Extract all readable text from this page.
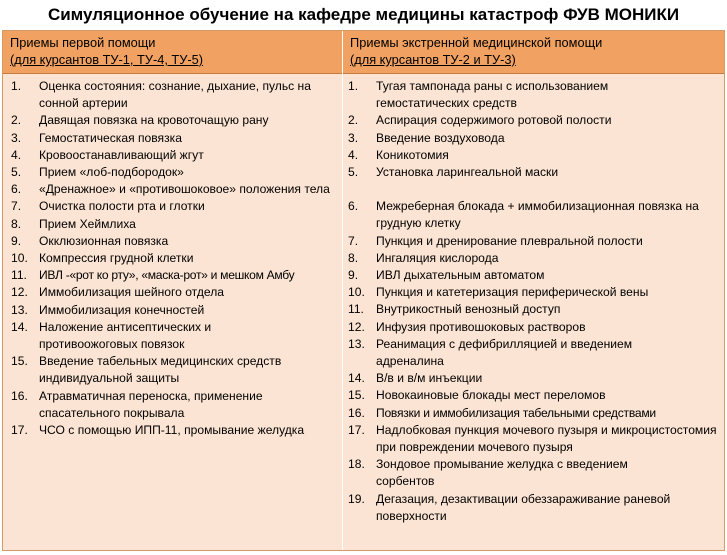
Симуляционное обучение на кафедре медицины катастроф ФУВ МОНИКИ
Приемы первой помощи
(для курсантов ТУ-1, ТУ-4, ТУ-5)
Приемы экстренной медицинской помощи
(для курсантов ТУ-2 и ТУ-3)
1. Оценка состояния: сознание, дыхание, пульс на сонной артерии
2. Давящая повязка на кровоточащую рану
3. Гемостатическая повязка
4. Кровоостанавливающий жгут
5. Прием «лоб-подбородок»
6. «Дренажное» и «противошоковое» положения тела
7. Очистка полости рта и глотки
8. Прием Хеймлиха
9. Окклюзионная повязка
10. Компрессия грудной клетки
11. ИВЛ -«рот ко рту», «маска-рот» и мешком Амбу
12. Иммобилизация шейного отдела
13. Иммобилизация конечностей
14. Наложение антисептических и противоожоговых повязок
15. Введение табельных медицинских средств индивидуальной защиты
16. Атравматичная переноска, применение спасательного покрывала
17. ЧСО с помощью ИПП-11, промывание желудка
1. Тугая тампонада раны с использованием гемостатических средств
2. Аспирация содержимого ротовой полости
3. Введение воздуховода
4. Коникотомия
5. Установка ларингеальной маски
6. Межреберная блокада + иммобилизационная повязка на грудную клетку
7. Пункция и дренирование плевральной полости
8. Ингаляция кислорода
9. ИВЛ дыхательным автоматом
10. Пункция и катетеризация периферической вены
11. Внутрикостный венозный доступ
12. Инфузия противошоковых растворов
13. Реанимация с дефибрилляцией и введением адреналина
14. В/в и в/м инъекции
15. Новокаиновые блокады мест переломов
16. Повязки и иммобилизация табельными средствами
17. Надлобковая пункция мочевого пузыря и микроцистостомия при повреждении мочевого пузыря
18. Зондовое промывание желудка с введением сорбентов
19. Дегазация, дезактивации обеззараживание раневой поверхности
